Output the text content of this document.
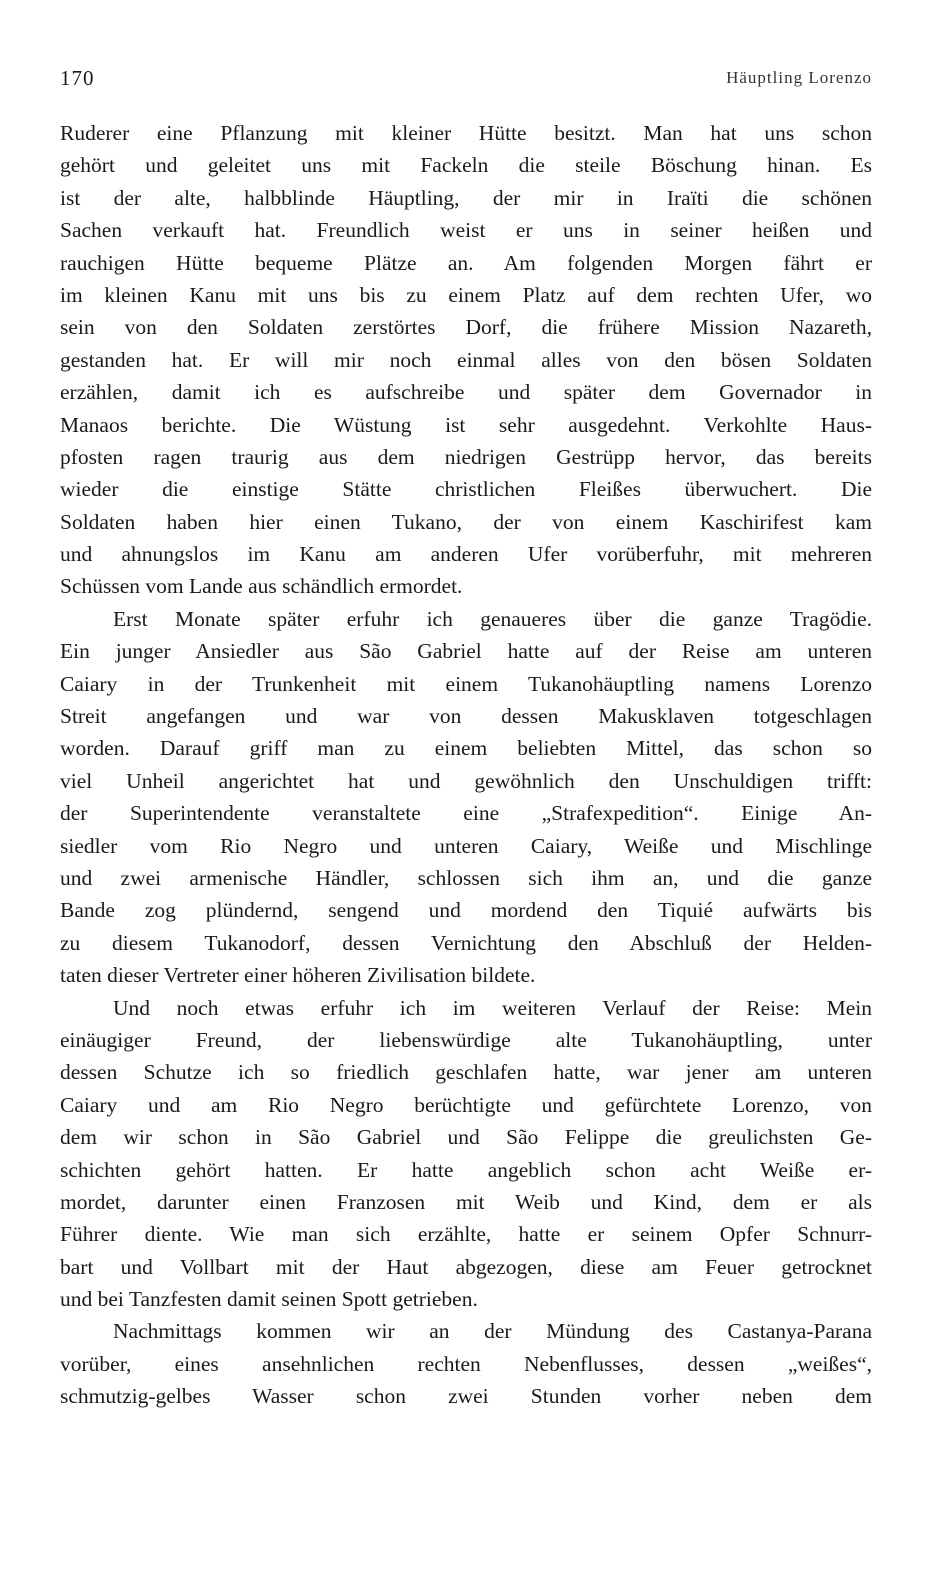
170	Häuptling Lorenzo
Ruderer eine Pflanzung mit kleiner Hütte besitzt. Man hat uns schon
gehört und geleitet uns mit Fackeln die steile Böschung hinan. Es
ist der alte, halbblinde Häuptling, der mir in Iraïti die schönen
Sachen verkauft hat. Freundlich weist er uns in seiner heißen und
rauchigen Hütte bequeme Plätze an. Am folgenden Morgen fährt er
im kleinen Kanu mit uns bis zu einem Platz auf dem rechten Ufer, wo
sein von den Soldaten zerstörtes Dorf, die frühere Mission Nazareth,
gestanden hat. Er will mir noch einmal alles von den bösen Soldaten
erzählen, damit ich es aufschreibe und später dem Governador in
Manaos berichte. Die Wüstung ist sehr ausgedehnt. Verkohlte Haus-
pfosten ragen traurig aus dem niedrigen Gestrüpp hervor, das bereits
wieder die einstige Stätte christlichen Fleißes überwuchert. Die
Soldaten haben hier einen Tukano, der von einem Kaschirifest kam
und ahnungslos im Kanu am anderen Ufer vorüberfuhr, mit mehreren
Schüssen vom Lande aus schändlich ermordet.
Erst Monate später erfuhr ich genaueres über die ganze Tragödie.
Ein junger Ansiedler aus São Gabriel hatte auf der Reise am unteren
Caiary in der Trunkenheit mit einem Tukanohäuptling namens Lorenzo
Streit angefangen und war von dessen Makusklaven totgeschlagen
worden. Darauf griff man zu einem beliebten Mittel, das schon so
viel Unheil angerichtet hat und gewöhnlich den Unschuldigen trifft:
der Superintendente veranstaltete eine „Strafexpedition“. Einige An-
siedler vom Rio Negro und unteren Caiary, Weiße und Mischlinge
und zwei armenische Händler, schlossen sich ihm an, und die ganze
Bande zog plündernd, sengend und mordend den Tiquié aufwärts bis
zu diesem Tukanodorf, dessen Vernichtung den Abschluß der Helden-
taten dieser Vertreter einer höheren Zivilisation bildete.
Und noch etwas erfuhr ich im weiteren Verlauf der Reise: Mein
einäugiger Freund, der liebenswürdige alte Tukanohäuptling, unter
dessen Schutze ich so friedlich geschlafen hatte, war jener am unteren
Caiary und am Rio Negro berüchtigte und gefürchtete Lorenzo, von
dem wir schon in São Gabriel und São Felippe die greulichsten Ge-
schichten gehört hatten. Er hatte angeblich schon acht Weiße er-
mordet, darunter einen Franzosen mit Weib und Kind, dem er als
Führer diente. Wie man sich erzählte, hatte er seinem Opfer Schnurr-
bart und Vollbart mit der Haut abgezogen, diese am Feuer getrocknet
und bei Tanzfesten damit seinen Spott getrieben.
Nachmittags kommen wir an der Mündung des Castanya-Parana
vorüber, eines ansehnlichen rechten Nebenflusses, dessen „weißes“,
schmutzig-gelbes Wasser schon zwei Stunden vorher neben dem
